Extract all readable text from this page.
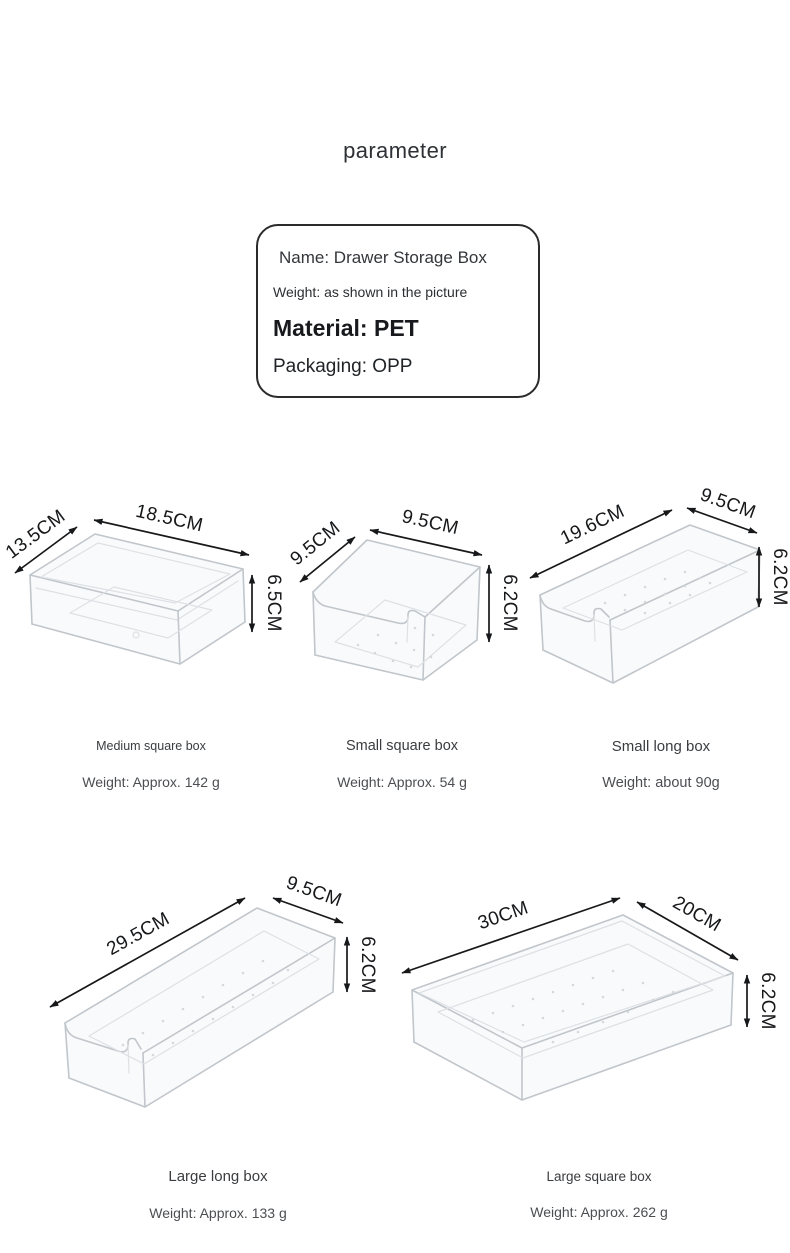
parameter
Name: Drawer Storage Box
Weight: as shown in the picture
Material: PET
Packaging: OPP
13.5CM	18.5CM
6.5CM
9.5CM	9.5CM
6.2CM
19.6CM	9.5CM
6.2CM
29.5CM
9.5CM
6.2CM
30CM	20CM
6.2CM
Medium square box
Weight: Approx. 142 g
Small square box
Weight: Approx. 54 g
Small long box
Weight: about 90g
Large long box
Weight: Approx. 133 g
Large square box
Weight: Approx. 262 g
